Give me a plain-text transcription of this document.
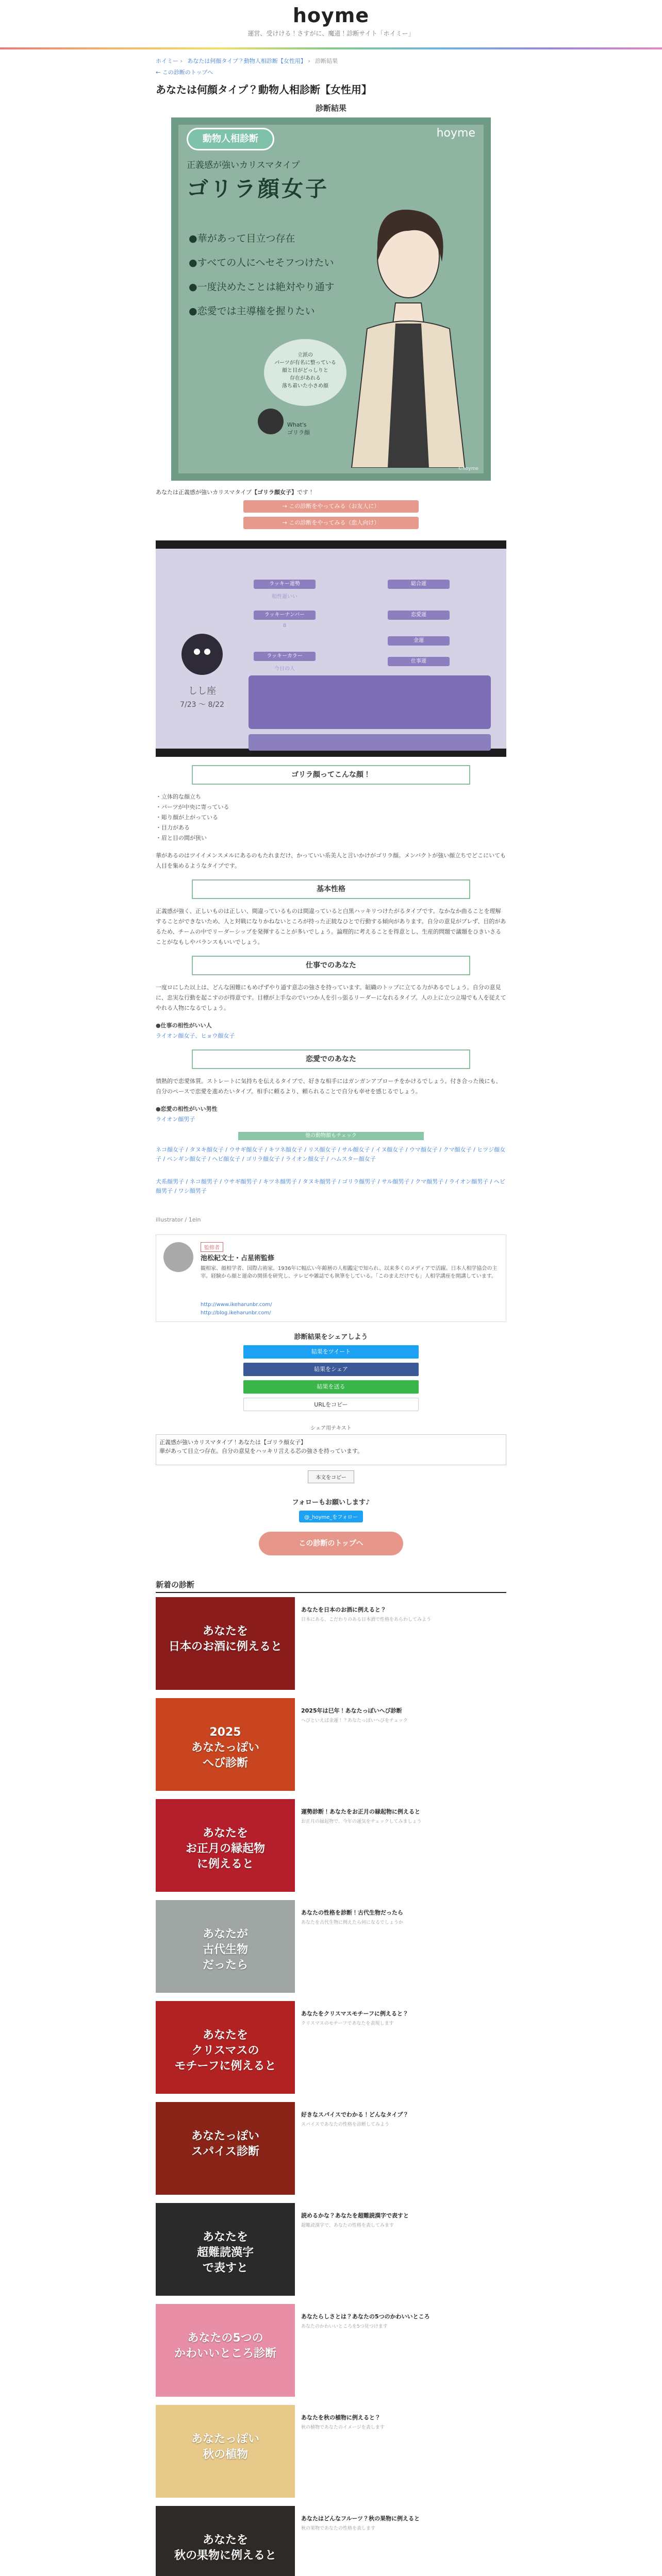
hoyme
運営、受けける！さすがに、魔道！診断サイト「ホイミー」
ホイミー › あなたは何顔タイプ？動物人相診断【女性用】 › 診断結果
← この診断のトップへ
あなたは何顔タイプ？動物人相診断【女性用】
診断結果
動物人相診断	hoyme
正義感が強いカリスマタイプ
ゴリラ顔女子
●華があって目立つ存在
●すべての人にへセそフつけたい
●一度決めたことは絶対やり通す
●恋愛では主導権を握りたい
立派の
パーツが有名に整っている
顔と目がどっしりと
存在があれる
落ち着いた小さめ顔
What's
ゴリラ顔
©hoyme
あなたは正義感が強いカリスマタイプ【ゴリラ顔女子】です！
→ この診断をやってみる（お友人に）
→ この診断をやってみる（恋人向け）
しし座
7/23 ～ 8/22
ラッキー運勢	総合運
相性運いい
ラッキーナンバー	恋愛運
8
金運
ラッキーカラー
仕事運
今日の人
ゴリラ顔ってこんな顔！
・立体的な顔立ち
・パーツが中央に寄っている
・彫り顔が上がっている
・目力がある
・眉と目の間が狭い

華があるのはツイイメンスメルにあるのもたれまだけ、かっていい系美人と言いかけがゴリラ顔。メンバクトが強い顔立ちでどこにいても人目を集めるようなタイプです。

基本性格

正義感が強く、正しいものは正しい、間違っているものは間違っていると白黒ハッキリつけたがるタイプです。なかなか曲ることを理解することができないため、人と対戦になりかねないところが持った正統なひとで行動する傾向があります。自分の意見がブレず、目的があるため、チームの中でリーダーシップを発揮することが多いでしょう。論理的に考えることを得意とし、生産的問題で議題をひきいさることがなもしやバランスもいいでしょう。

仕事でのあなた

一度ロにした以上は、どんな困難にもめげずやり通す意志の強さを持っています。組織のトップに立てる力があるでしょう。自分の意見に、忠実な行動を起こすのが得意です。目標が上手なのでいつか人を引っ張るリーダーになれるタイプ。人の上に立つ立場でも人を従えてやれる人物になるでしょう。

●仕事の相性がいい人
ライオン顔女子、ヒョウ顔女子
恋愛でのあなた

情熱的で恋愛体質。ストレートに気持ちを伝えるタイプで、好きな相手にはガンガンアプローチをかけるでしょう。付き合った後にも、自分のペースで恋愛を進めたいタイプ。相手に頼るより、頼られることで自分も幸せを感じるでしょう。

●恋愛の相性がいい男性
ライオン顔男子
他の動物顔もチェック
ネコ顔女子 / タヌキ顔女子 / ウサギ顔女子 / キツネ顔女子 / リス顔女子 / サル顔女子 / イヌ顔女子 / ウマ顔女子 / クマ顔女子 / ヒツジ顔女子 / ペンギン顔女子 / ヘビ顔女子 / ゴリラ顔女子 / ライオン顔女子 / ハムスター顔女子
犬系顔男子 / ネコ顔男子 / ウサギ顔男子 / キツネ顔男子 / タヌキ顔男子 / ゴリラ顔男子 / サル顔男子 / クマ顔男子 / ライオン顔男子 / ヘビ顔男子 / ワシ顔男子
illustrator / 1ein
監修者
池松紀文士・占星術監修
観相家、顔相学者、国際占術家。1936年に幅広い年齢層の人相鑑定で知られ、以来多くのメディアで活躍。日本人相学協会の主宰。経験から顔と運命の関係を研究し、テレビや雑誌でも執筆をしている。「このまえだけでも」人相学講座を開講しています。
http://www.ikeharunbr.com/
http://blog.ikeharunbr.com/
診断結果をシェアしよう
結果をツイート
結果をシェア
結果を送る
URLをコピー
シェア用テキスト
正義感が強いカリスマタイプ！あなたは【ゴリラ顔女子】
華があって目立つ存在。自分の意見をハッキリ言える芯の強さを持っています。
本文をコピー
フォローもお願いします♪
@_hoyme_をフォロー
この診断のトップへ
新着の診断
あなたを
日本のお酒に例えると
あなたを日本のお酒に例えると？
日本にある、こだわりのある日本酒で性格をあらわしてみよう
2025
あなたっぽい
へび診断
2025年は巳年！あなたっぽいへび診断
へびといえば金運！？あなたっぽいへびをチェック
あなたを
お正月の縁起物
に例えると
運勢診断！あなたをお正月の縁起物に例えると
お正月の縁起物で、今年の運気をチェックしてみましょう
あなたが
古代生物
だったら
あなたの性格を診断！古代生物だったら
あなたを古代生物に例えたら何になるでしょうか
あなたを
クリスマスの
モチーフに例えると
あなたをクリスマスモチーフに例えると？
クリスマスのモチーフであなたを表現します
あなたっぽい
スパイス診断
好きなスパイスでわかる！どんなタイプ？
スパイスであなたの性格を診断してみよう
あなたを
超難読漢字
で表すと
読めるかな？あなたを超難読漢字で表すと
超難読漢字で、あなたの性格を表してみます
あなたの5つの
かわいいところ診断
あなたらしさとは？あなたの5つのかわいいところ
あなたのかわいいところを5つ見つけます
あなたっぽい
秋の植物
あなたを秋の植物に例えると？
秋の植物であなたのイメージを表します
あなたを
秋の果物に例えると
あなたはどんなフルーツ？秋の果物に例えると
秋の果物であなたの性格を表します
